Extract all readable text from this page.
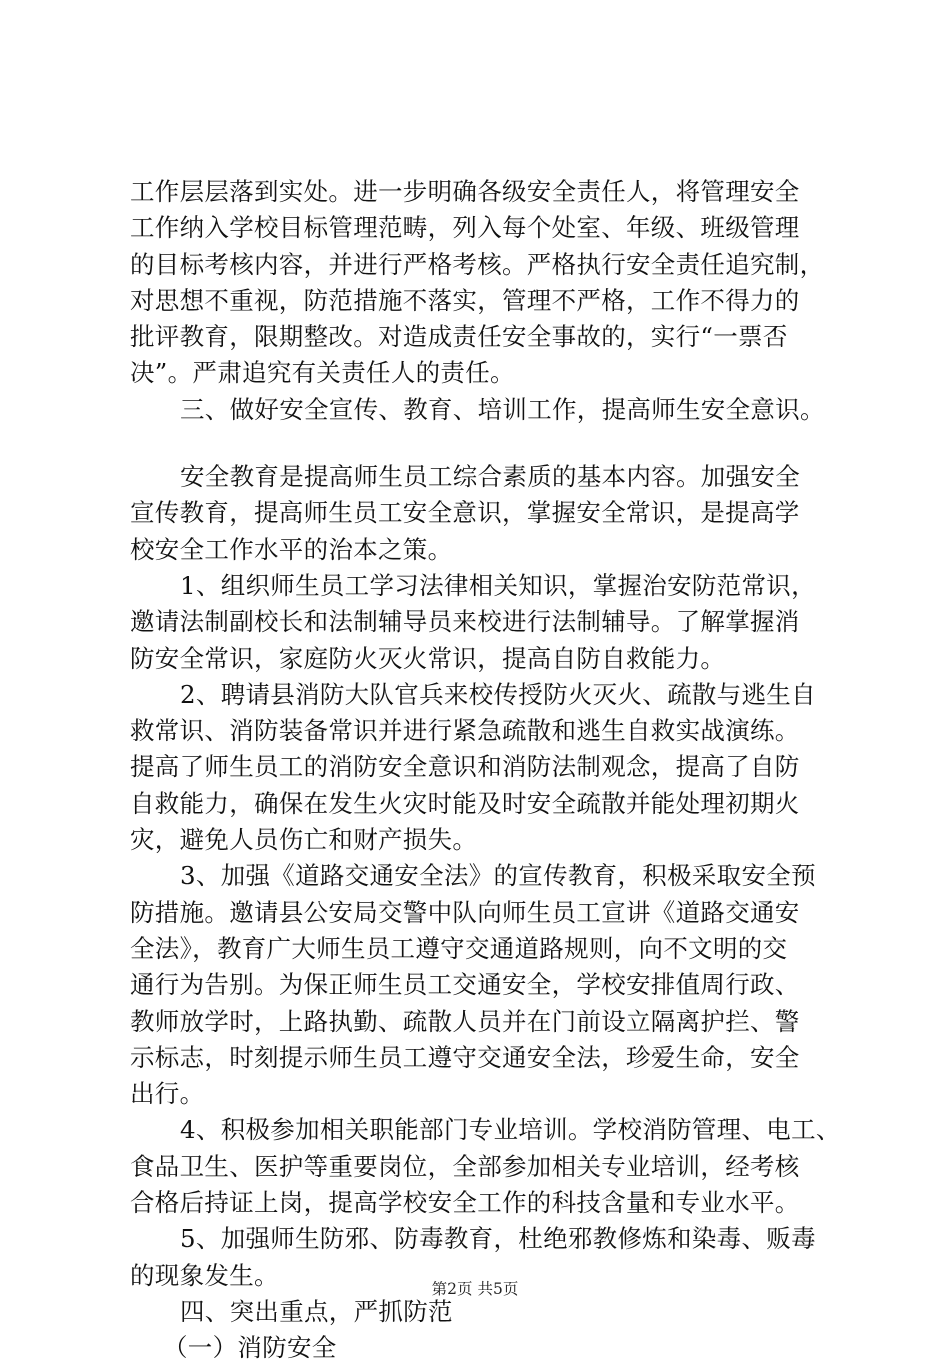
工作层层落到实处。进一步明确各级安全责任人，将管理安全
工作纳入学校目标管理范畴，列入每个处室、年级、班级管理
的目标考核内容，并进行严格考核。严格执行安全责任追究制，
对思想不重视，防范措施不落实，管理不严格，工作不得力的
批评教育，限期整改。对造成责任安全事故的，实行“一票否
决”。严肃追究有关责任人的责任。
三、做好安全宣传、教育、培训工作，提高师生安全意识。
安全教育是提高师生员工综合素质的基本内容。加强安全
宣传教育，提高师生员工安全意识，掌握安全常识，是提高学
校安全工作水平的治本之策。
1、组织师生员工学习法律相关知识，掌握治安防范常识，
邀请法制副校长和法制辅导员来校进行法制辅导。了解掌握消
防安全常识，家庭防火灭火常识，提高自防自救能力。
2、聘请县消防大队官兵来校传授防火灭火、疏散与逃生自
救常识、消防装备常识并进行紧急疏散和逃生自救实战演练。
提高了师生员工的消防安全意识和消防法制观念，提高了自防
自救能力，确保在发生火灾时能及时安全疏散并能处理初期火
灾，避免人员伤亡和财产损失。
3、加强《道路交通安全法》的宣传教育，积极采取安全预
防措施。邀请县公安局交警中队向师生员工宣讲《道路交通安
全法》，教育广大师生员工遵守交通道路规则，向不文明的交
通行为告别。为保正师生员工交通安全，学校安排值周行政、
教师放学时，上路执勤、疏散人员并在门前设立隔离护拦、警
示标志，时刻提示师生员工遵守交通安全法，珍爱生命，安全
出行。
4、积极参加相关职能部门专业培训。学校消防管理、电工、
食品卫生、医护等重要岗位，全部参加相关专业培训，经考核
合格后持证上岗，提高学校安全工作的科技含量和专业水平。
5、加强师生防邪、防毒教育，杜绝邪教修炼和染毒、贩毒
的现象发生。
四、突出重点，严抓防范
（一）消防安全
第2页 共5页
